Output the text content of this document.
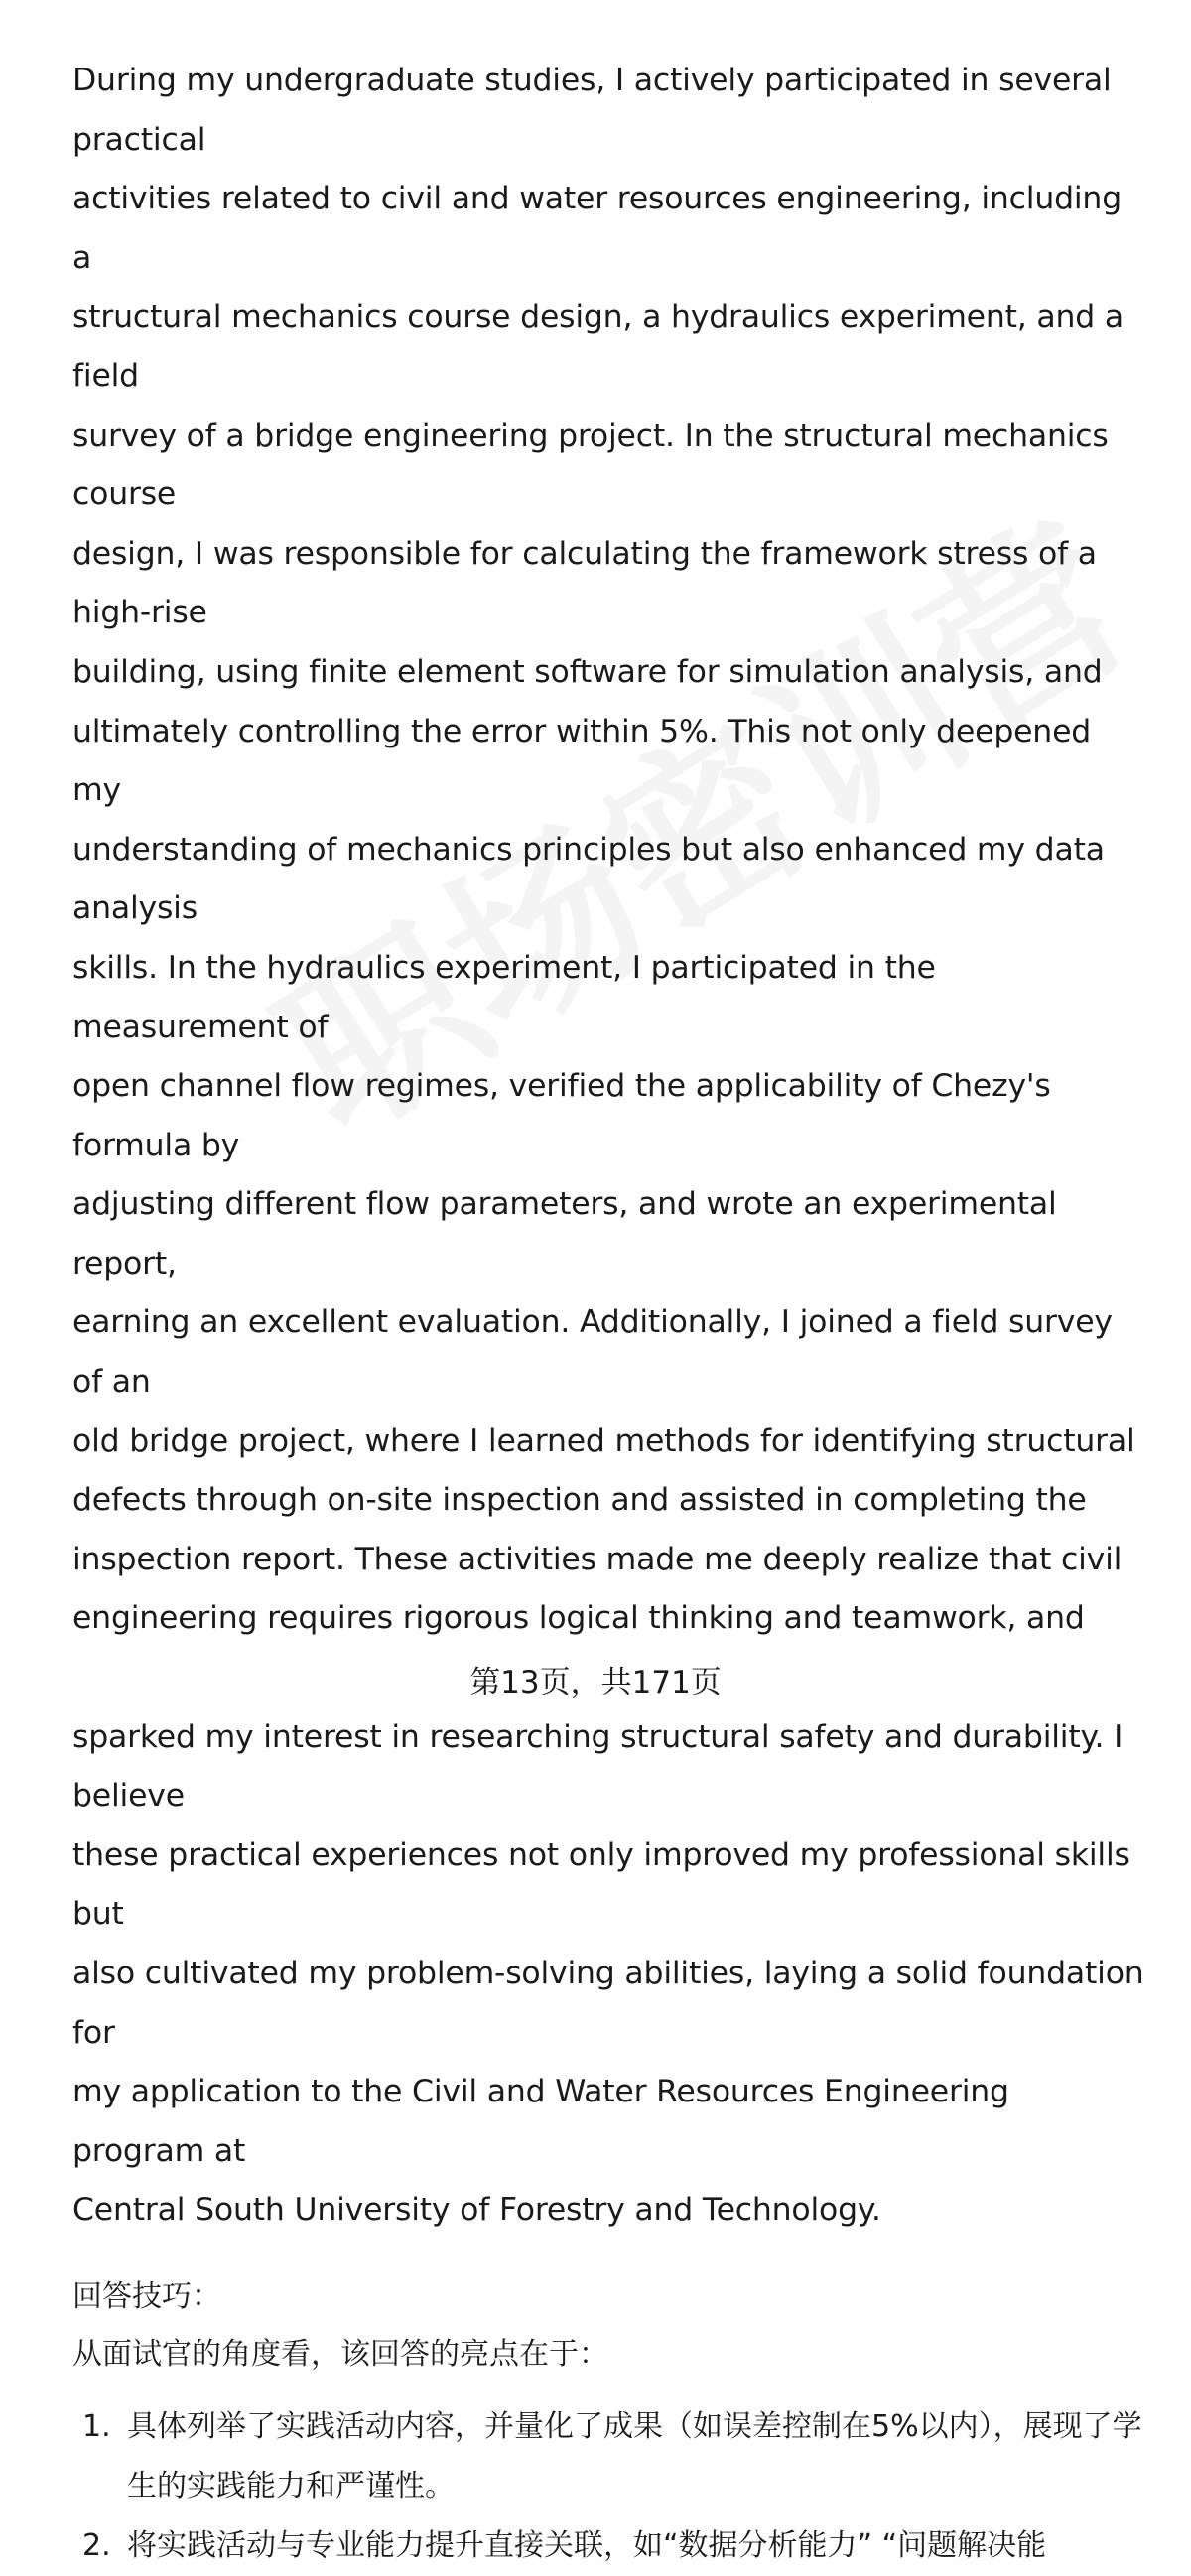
During my undergraduate studies, I actively participated in several practical
activities related to civil and water resources engineering, including a
structural mechanics course design, a hydraulics experiment, and a field
survey of a bridge engineering project. In the structural mechanics course
design, I was responsible for calculating the framework stress of a high-rise
building, using finite element software for simulation analysis, and
ultimately controlling the error within 5%. This not only deepened my
understanding of mechanics principles but also enhanced my data analysis
skills. In the hydraulics experiment, I participated in the measurement of
open channel flow regimes, verified the applicability of Chezy's formula by
adjusting different flow parameters, and wrote an experimental report,
earning an excellent evaluation. Additionally, I joined a field survey of an
old bridge project, where I learned methods for identifying structural
defects through on-site inspection and assisted in completing the
inspection report. These activities made me deeply realize that civil
engineering requires rigorous logical thinking and teamwork, and
sparked my interest in researching structural safety and durability. I believe
these practical experiences not only improved my professional skills but
also cultivated my problem-solving abilities, laying a solid foundation for
my application to the Civil and Water Resources Engineering program at
Central South University of Forestry and Technology.

回答技巧：

从面试官的角度看，该回答的亮点在于：

1. 具体列举了实践活动内容，并量化了成果（如误差控制在5%以内），展现了学生的实践能力和严谨性。
2. 将实践活动与专业能力提升直接关联，如“数据分析能力” “问题解决能
第13页，共171页
